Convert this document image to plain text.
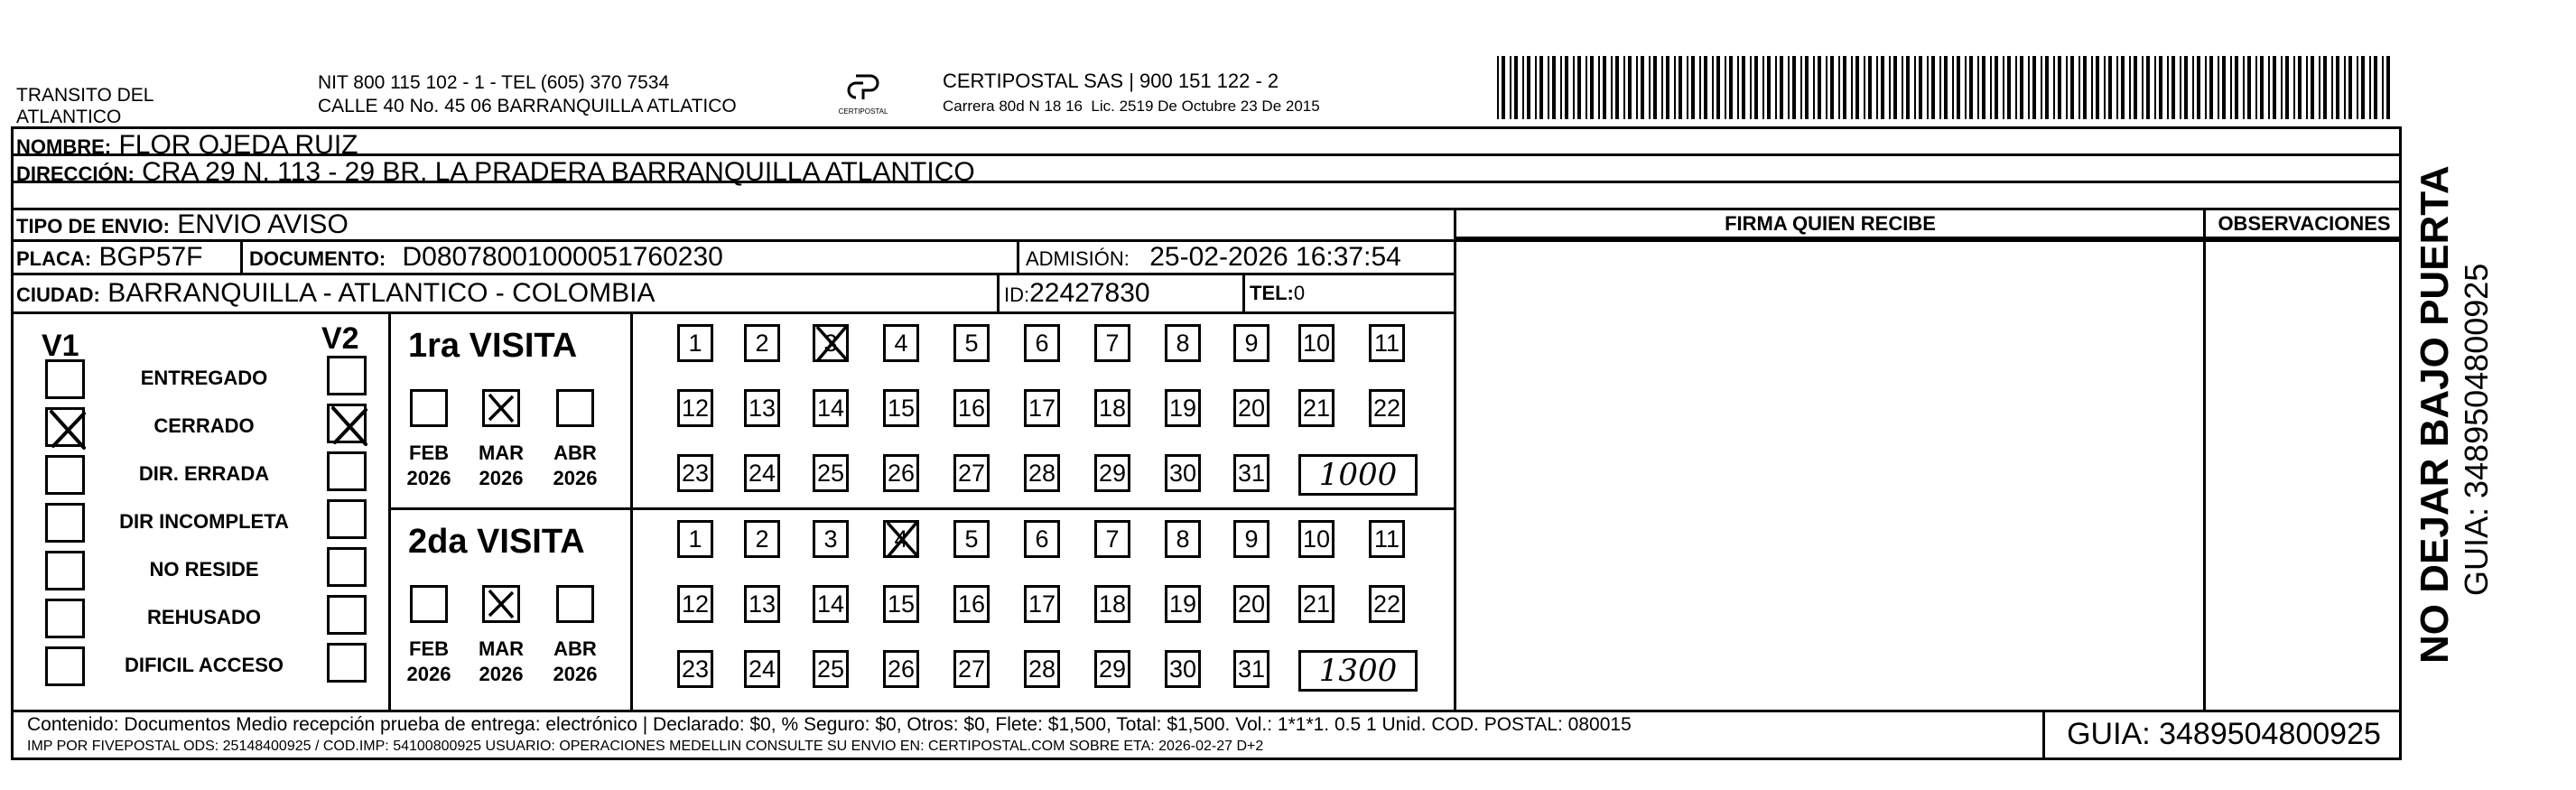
TRANSITO DEL
ATLANTICO
NIT 800 115 102 - 1 - TEL (605) 370 7534
CALLE 40 No. 45 06 BARRANQUILLA ATLATICO	CERTIPOSTAL
CERTIPOSTAL SAS | 900 151 122 - 2
Carrera 80d N 18 16  Lic. 2519 De Octubre 23 De 2015
NOMBRE: FLOR OJEDA RUIZ
DIRECCIÓN: CRA 29 N. 113 - 29 BR. LA PRADERA BARRANQUILLA ATLANTICO
TIPO DE ENVIO: ENVIO AVISO
PLACA: BGP57F DOCUMENTO: D08078001000051760230	ADMISIÓN: 25-02-2026 16:37:54
CIUDAD: BARRANQUILLA - ATLANTICO - COLOMBIA	ID:22427830	TEL:0
FIRMA QUIEN RECIBE	OBSERVACIONES
V1	V2
ENTREGADO
CERRADO
DIR. ERRADA
DIR INCOMPLETA
NO RESIDE
REHUSADO
DIFICIL ACCESO
1ra VISITA
FEB
2026
MAR
2026
ABR
2026
1	2	3	4	5	6	7	8	9	10 11
12 13 14 15 16 17 18 19 20 21 22
23 24 25 26 27 28 29 30 31	1000
2da VISITA
FEB
2026
MAR
2026
ABR
2026
1	2	3	4	5	6	7	8	9	10 11
12 13 14 15 16 17 18 19 20 21 22
23 24 25 26 27 28 29 30 31	1300
Contenido: Documentos Medio recepción prueba de entrega: electrónico | Declarado: $0, % Seguro: $0, Otros: $0, Flete: $1,500, Total: $1,500. Vol.: 1*1*1. 0.5 1 Unid. COD. POSTAL: 080015
IMP POR FIVEPOSTAL ODS: 25148400925 / COD.IMP: 54100800925 USUARIO: OPERACIONES MEDELLIN CONSULTE SU ENVIO EN: CERTIPOSTAL.COM SOBRE ETA: 2026-02-27 D+2	GUIA: 3489504800925
NO DEJAR BAJO PUERTA GUIA: 3489504800925
